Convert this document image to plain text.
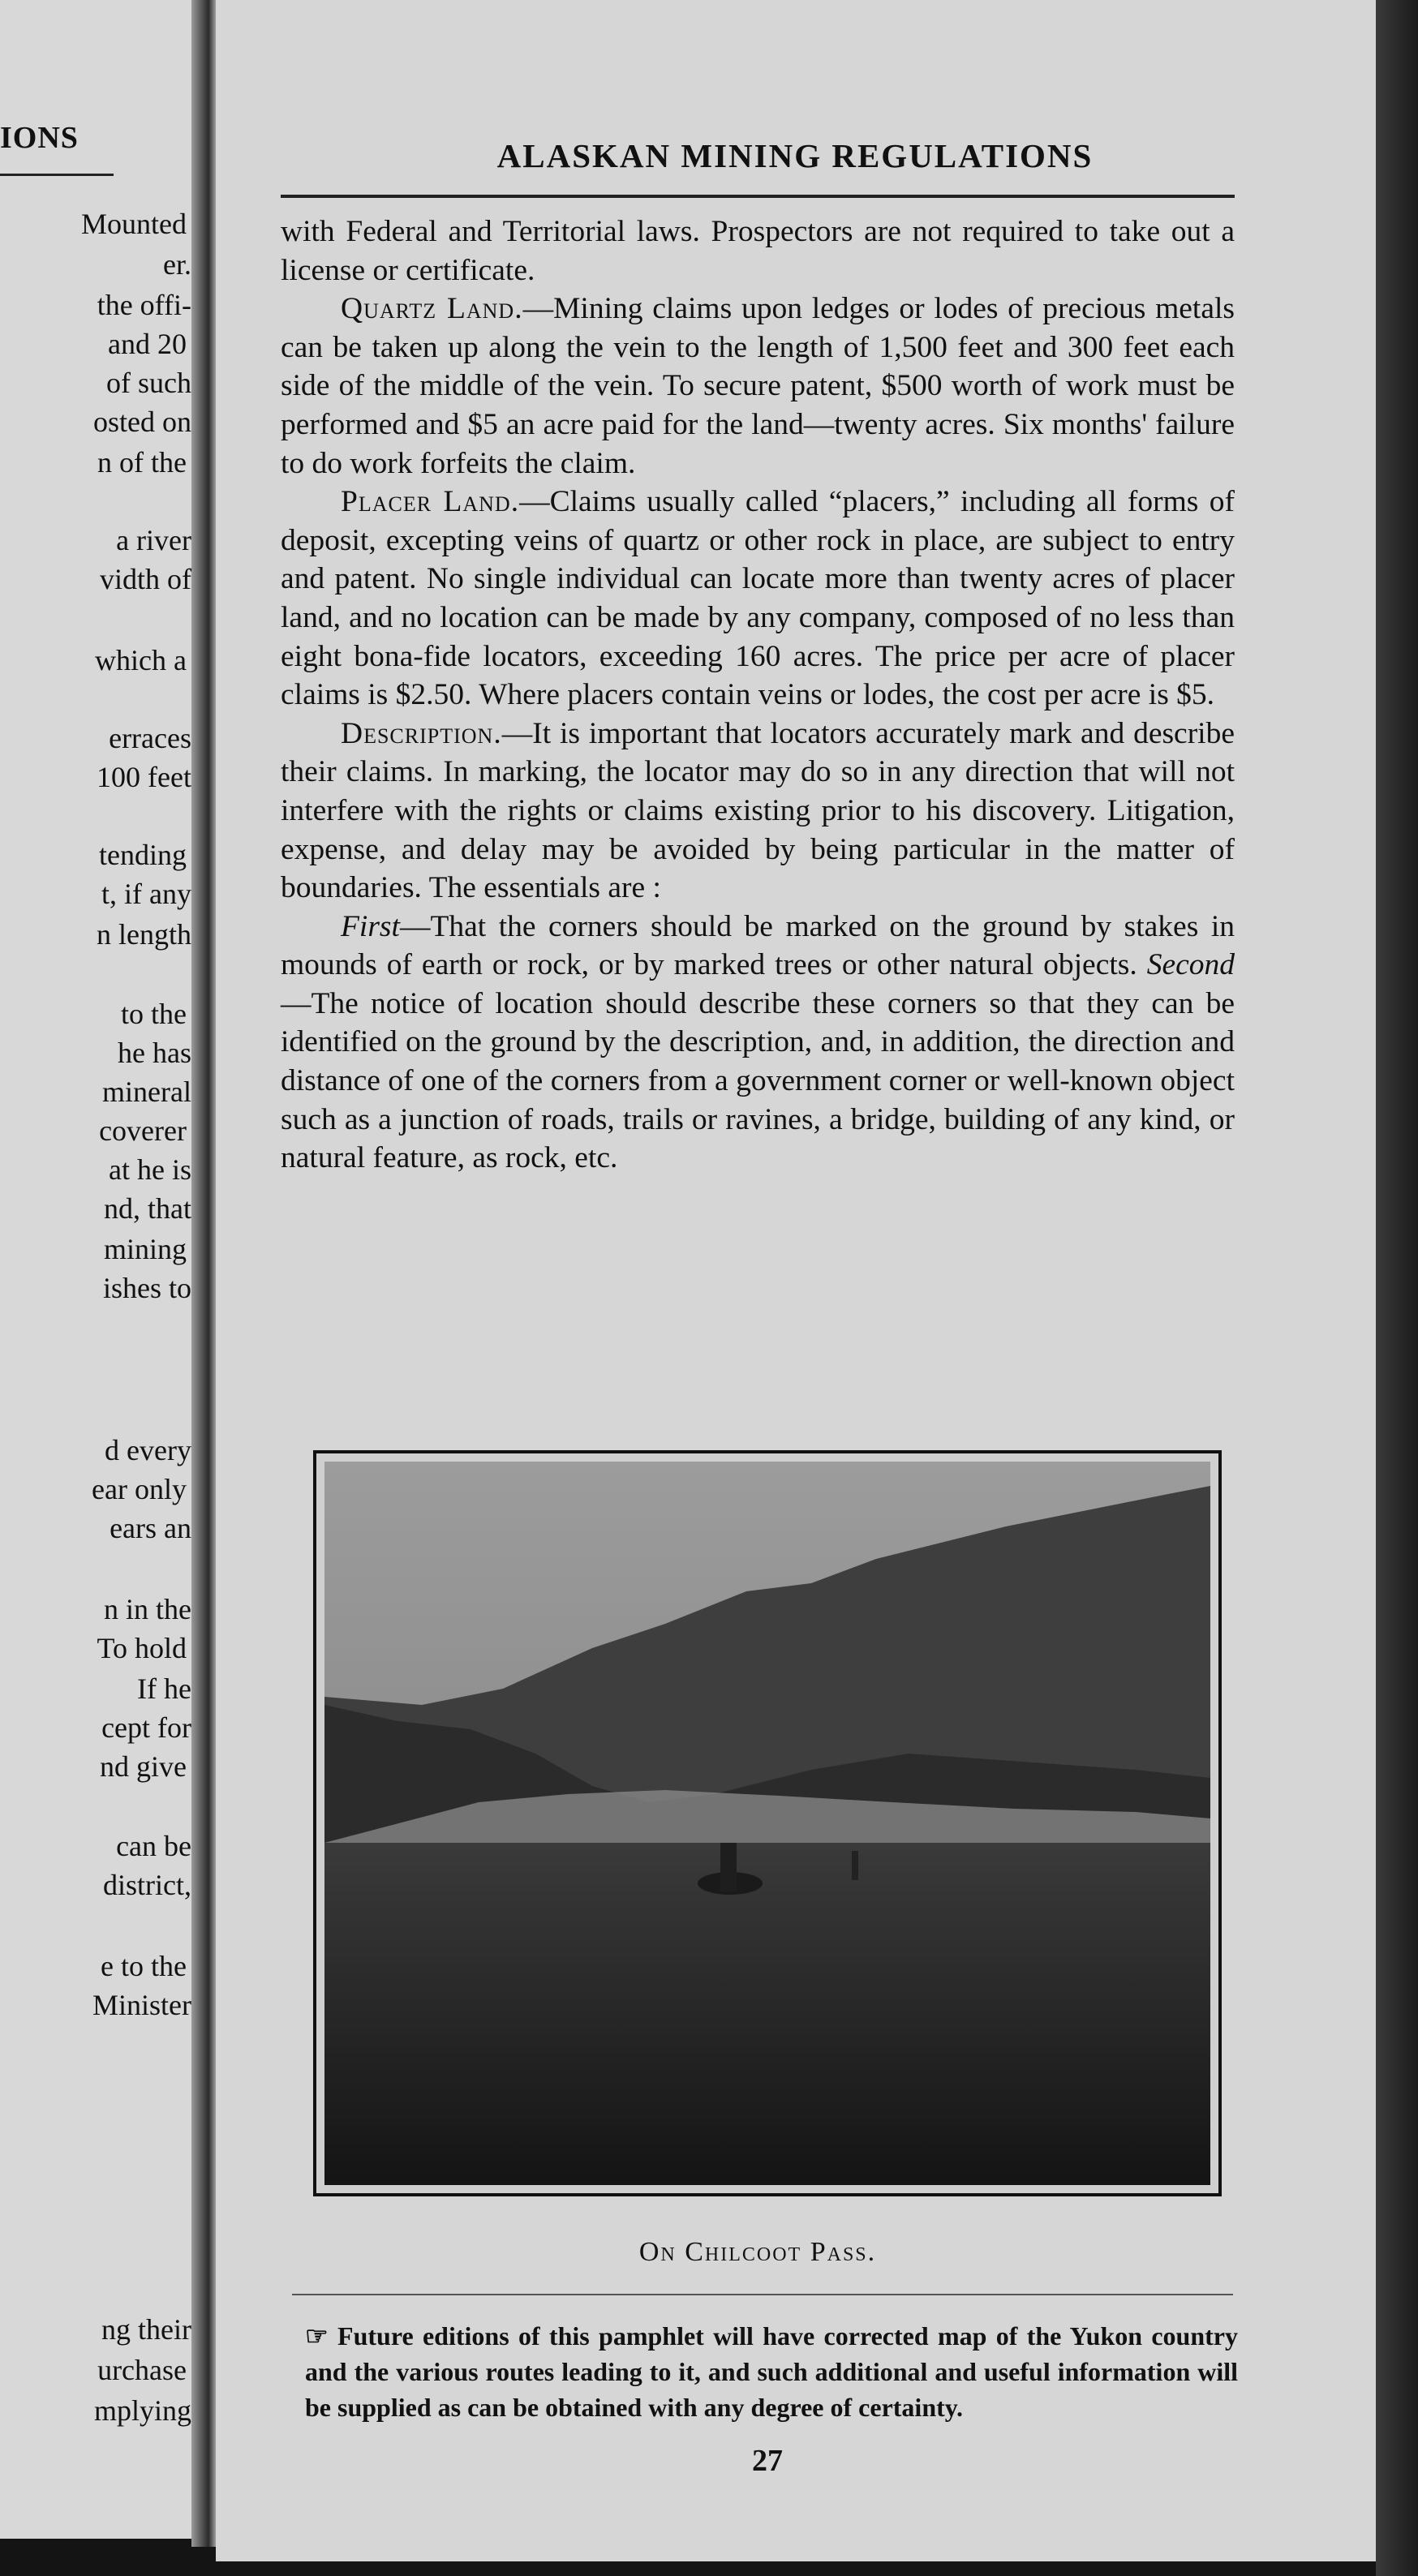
IONS
Mounted
er.
the offi-
and 20
of such
osted on
n of the
a river
vidth of
which a
erraces
100 feet
tending
t, if any
n length
to the
he has
mineral
coverer
at he is
nd, that
mining
ishes to
d every
ear only
ears an
n in the
To hold
If he
cept for
nd give
can be
district,
e to the
Minister
ng their
urchase
mplying
ALASKAN MINING REGULATIONS

with Federal and Territorial laws. Prospectors are not required to take out a license or certificate.

Quartz Land.—Mining claims upon ledges or lodes of precious metals can be taken up along the vein to the length of 1,500 feet and 300 feet each side of the middle of the vein. To secure patent, $500 worth of work must be performed and $5 an acre paid for the land—twenty acres. Six months' failure to do work forfeits the claim.

Placer Land.—Claims usually called “placers,” including all forms of deposit, excepting veins of quartz or other rock in place, are subject to entry and patent. No single individual can locate more than twenty acres of placer land, and no location can be made by any company, composed of no less than eight bona-fide locators, exceeding 160 acres. The price per acre of placer claims is $2.50. Where placers contain veins or lodes, the cost per acre is $5.

Description.—It is important that locators accurately mark and describe their claims. In marking, the locator may do so in any direction that will not interfere with the rights or claims existing prior to his discovery. Litigation, expense, and delay may be avoided by being particular in the matter of boundaries. The essentials are :

First—That the corners should be marked on the ground by stakes in mounds of earth or rock, or by marked trees or other natural objects. Second—The notice of location should describe these corners so that they can be identified on the ground by the description, and, in addition, the direction and distance of one of the corners from a government corner or well-known object such as a junction of roads, trails or ravines, a bridge, building of any kind, or natural feature, as rock, etc.

On Chilcoot Pass.
☞ Future editions of this pamphlet will have corrected map of the Yukon country and the various routes leading to it, and such additional and useful information will be supplied as can be obtained with any degree of certainty.
27
